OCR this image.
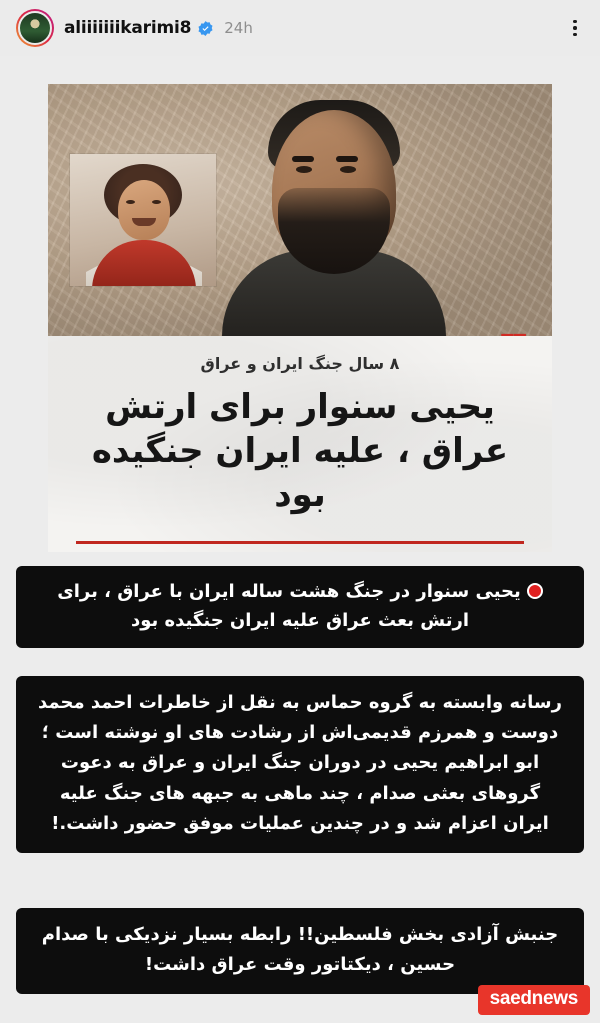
aliiiiiiikarimi8 24h
۸ سال جنگ ایران و عراق
یحیی سنوار برای ارتش عراق ، علیه ایران جنگیده بود
یحیی سنوار در جنگ هشت ساله ایران با عراق ، برای ارتش بعث عراق علیه ایران جنگیده بود
رسانه وابسته به گروه حماس به نقل از خاطرات احمد محمد دوست و همرزم قدیمی‌اش از رشادت های او نوشته است ؛ ابو ابراهیم یحیی در دوران جنگ ایران و عراق به دعوت گروهای بعثی صدام ، چند ماهی به جبهه های جنگ علیه ایران اعزام شد و در چندین عملیات موفق حضور داشت.!
جنبش آزادی بخش فلسطین!! رابطه بسیار نزدیکی با صدام حسین ، دیکتاتور وقت عراق داشت!
saednews
